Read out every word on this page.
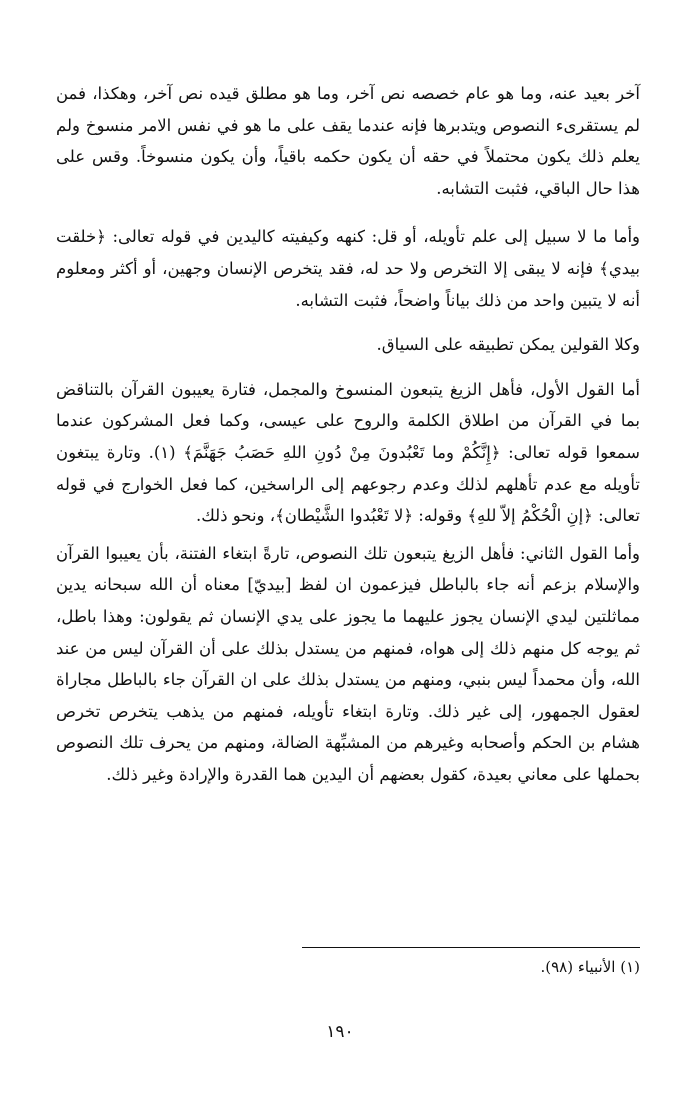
آخر بعيد عنه، وما هو عام خصصه نص آخر، وما هو مطلق قيده نص آخر، وهكذا، فمن لم يستقرىء النصوص ويتدبرها فإنه عندما يقف على ما هو في نفس الامر منسوخ ولم يعلم ذلك يكون محتملاً في حقه أن يكون حكمه باقياً، وأن يكون منسوخاً. وقس على هذا حال الباقي، فثبت التشابه.

وأما ما لا سبيل إلى علم تأويله، أو قل: كنهه وكيفيته كاليدين في قوله تعالى: ﴿خلقت بيدي﴾ فإنه لا يبقى إلا التخرص ولا حد له، فقد يتخرص الإنسان وجهين، أو أكثر ومعلوم أنه لا يتبين واحد من ذلك بياناً واضحاً، فثبت التشابه.

وكلا القولين يمكن تطبيقه على السياق.

أما القول الأول، فأهل الزيغ يتبعون المنسوخ والمجمل، فتارة يعيبون القرآن بالتناقض بما في القرآن من اطلاق الكلمة والروح على عيسى، وكما فعل المشركون عندما سمعوا قوله تعالى: ﴿إِنَّكُمْ وما تَعْبُدونَ مِنْ دُونِ اللهِ حَصَبُ جَهَنَّمَ﴾ (١). وتارة يبتغون تأويله مع عدم تأهلهم لذلك وعدم رجوعهم إلى الراسخين، كما فعل الخوارج في قوله تعالى: ﴿إنِ الْحُكْمُ إلاّ للهِ﴾ وقوله: ﴿لا تَعْبُدوا الشَّيْطان﴾، ونحو ذلك.

وأما القول الثاني: فأهل الزيغ يتبعون تلك النصوص، تارةً ابتغاء الفتنة، بأن يعيبوا القرآن والإسلام بزعم أنه جاء بالباطل فيزعمون ان لفظ [بيديّ] معناه أن الله سبحانه يدين مماثلتين ليدي الإنسان يجوز عليهما ما يجوز على يدي الإنسان ثم يقولون: وهذا باطل، ثم يوجه كل منهم ذلك إلى هواه، فمنهم من يستدل بذلك على أن القرآن ليس من عند الله، وأن محمداً ليس بنبي، ومنهم من يستدل بذلك على ان القرآن جاء بالباطل مجاراة لعقول الجمهور، إلى غير ذلك. وتارة ابتغاء تأويله، فمنهم من يذهب يتخرص تخرص هشام بن الحكم وأصحابه وغيرهم من المشبِّهة الضالة، ومنهم من يحرف تلك النصوص بحملها على معاني بعيدة، كقول بعضهم أن اليدين هما القدرة والإرادة وغير ذلك.

(١) الأنبياء (٩٨).
١٩٠
